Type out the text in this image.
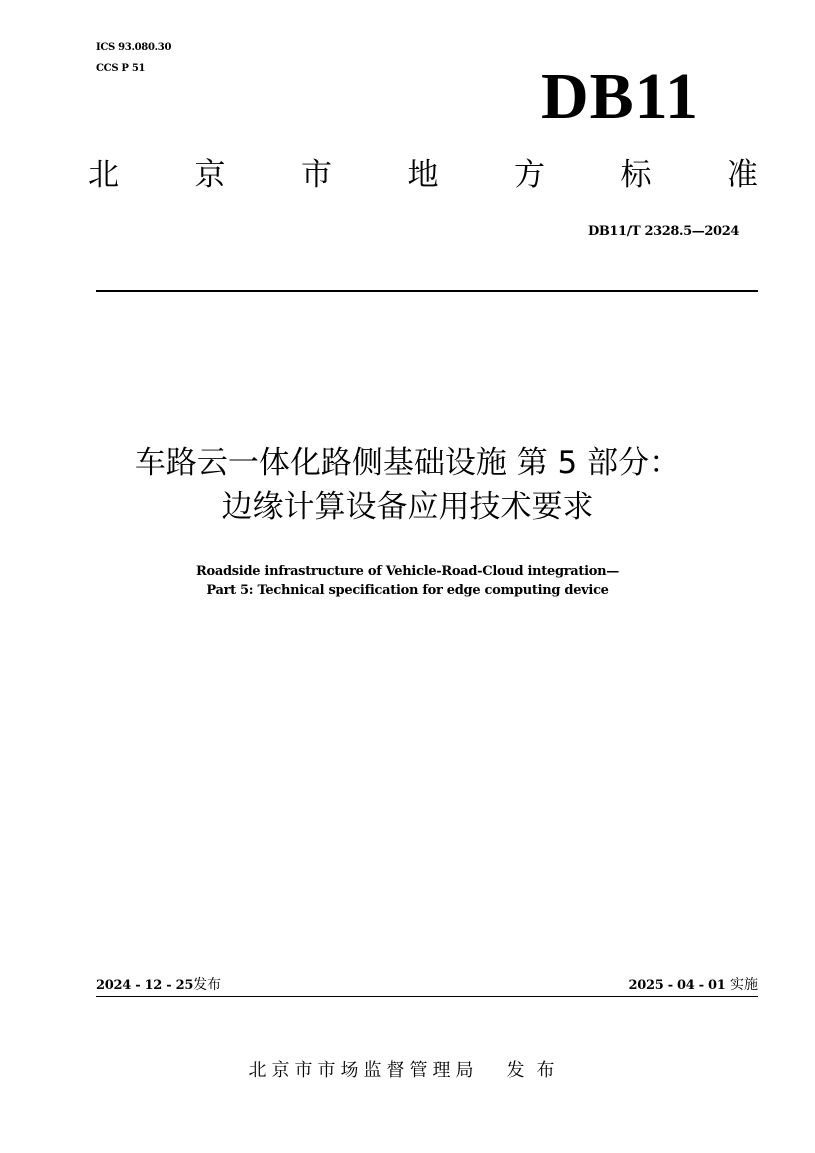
ICS 93.080.30
CCS P 51	DB11
北 京 市 地 方 标 准
DB11/T 2328.5—2024
车路云一体化路侧基础设施 第 5 部分：
边缘计算设备应用技术要求
Roadside infrastructure of Vehicle-Road-Cloud integration—
Part 5: Technical specification for edge computing device
2024 - 12 - 25发布	2025 - 04 - 01 实施
北京市市场监督管理局 发布
